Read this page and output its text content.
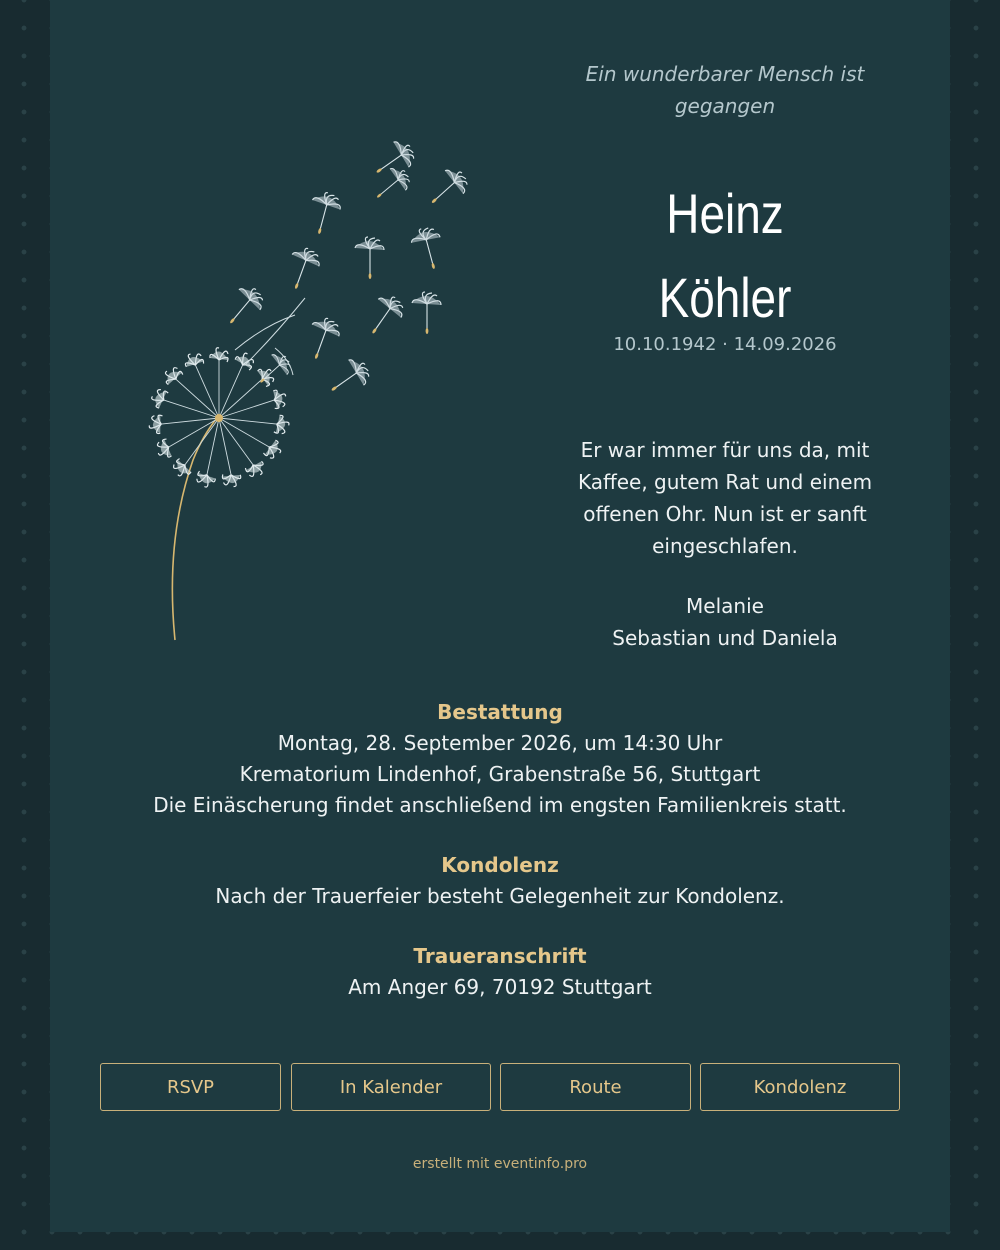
Ein wunderbarer Mensch ist gegangen
Heinz
Köhler
10.10.1942 · 14.09.2026
Er war immer für uns da, mit
Kaffee, gutem Rat und einem
offenen Ohr. Nun ist er sanft
eingeschlafen.
Melanie
Sebastian und Daniela
Bestattung
Montag, 28. September 2026, um 14:30 Uhr
Krematorium Lindenhof, Grabenstraße 56, Stuttgart
Die Einäscherung findet anschließend im engsten Familienkreis statt.
Kondolenz
Nach der Trauerfeier besteht Gelegenheit zur Kondolenz.
Traueranschrift
Am Anger 69, 70192 Stuttgart
RSVP	In Kalender	Route	Kondolenz
erstellt mit eventinfo.pro
